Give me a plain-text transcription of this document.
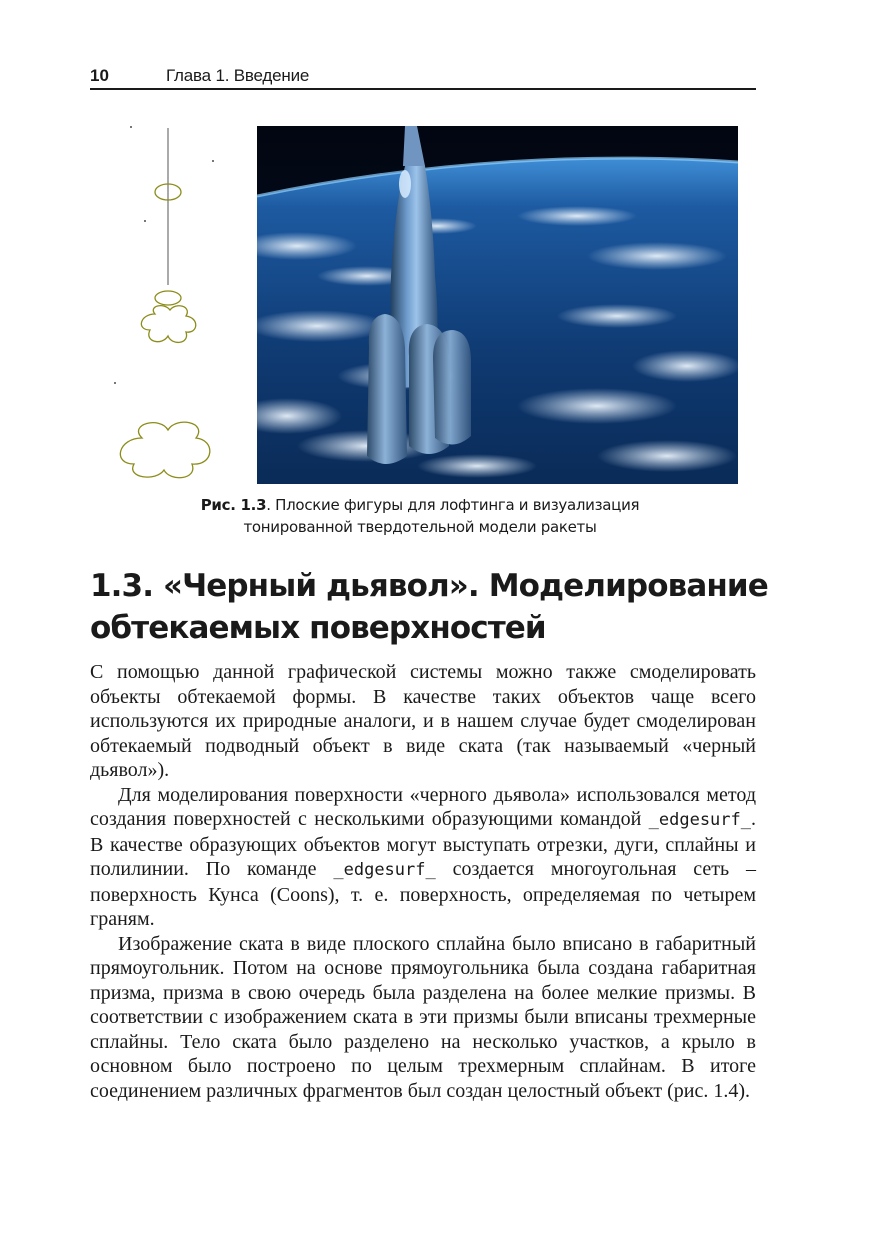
10	Глава 1. Введение
Рис. 1.3. Плоские фигуры для лофтинга и визуализация
тонированной твердотельной модели ракеты
1.3. «Черный дьявол». Моделирование
обтекаемых поверхностей

С помощью данной графической системы можно также смоделировать объекты обтекаемой формы. В качестве таких объектов чаще всего используются их природные аналоги, и в нашем случае будет смоделирован обтекаемый подводный объект в виде ската (так называемый «черный дьявол»).

Для моделирования поверхности «черного дьявола» использовался метод создания поверхностей с несколькими образующими командой _edgesurf_. В качестве образующих объектов могут выступать отрезки, дуги, сплайны и полилинии. По команде _edgesurf_ создается многоугольная сеть – поверхность Кунса (Coons), т. е. поверхность, определяемая по четырем граням.

Изображение ската в виде плоского сплайна было вписано в габаритный прямоугольник. Потом на основе прямоугольника была создана габаритная призма, призма в свою очередь была разделена на более мелкие призмы. В соответствии с изображением ската в эти призмы были вписаны трехмерные сплайны. Тело ската было разделено на несколько участков, а крыло в основном было построено по целым трехмерным сплайнам. В итоге соединением различных фрагментов был создан целостный объект (рис. 1.4).
